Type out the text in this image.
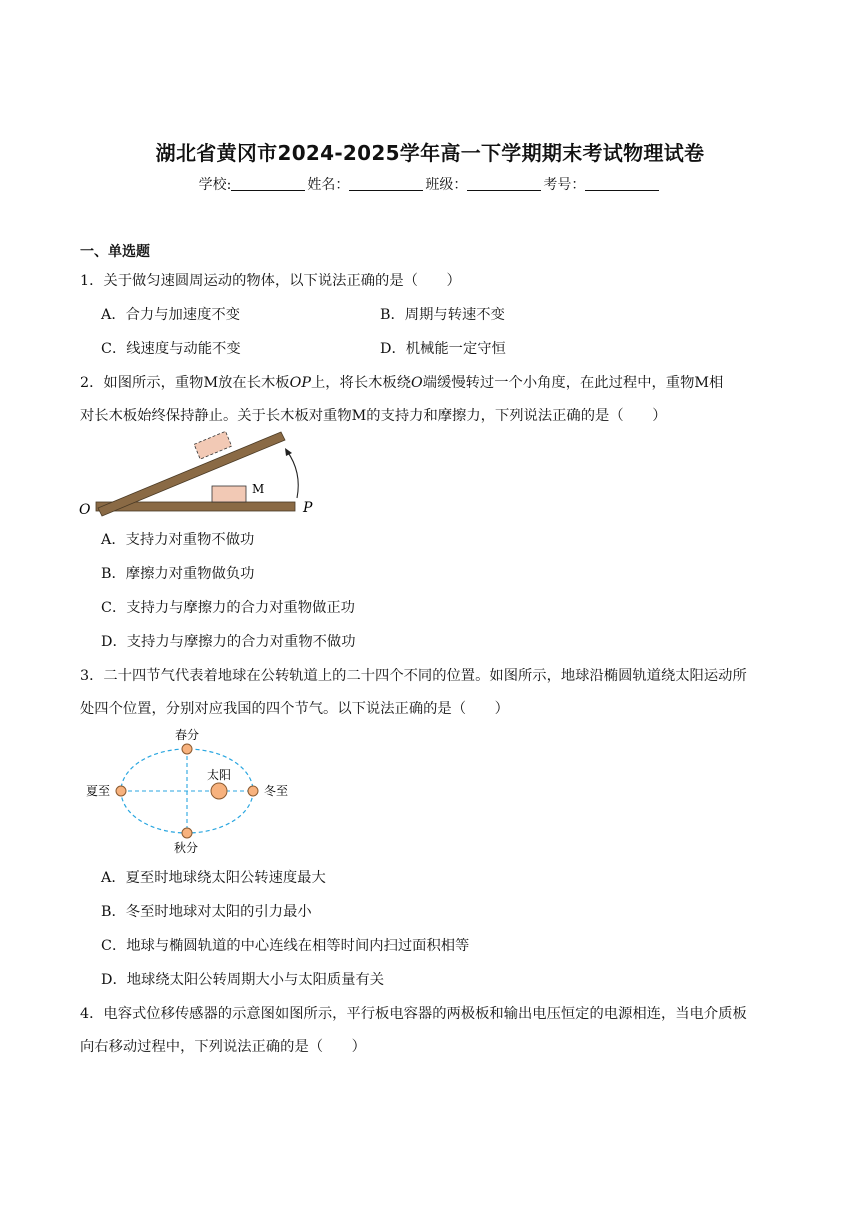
湖北省黄冈市2024-2025学年高一下学期期末考试物理试卷
学校:	姓名：	班级：	考号：
一、单选题
1．关于做匀速圆周运动的物体，以下说法正确的是（　　）
A．合力与加速度不变	B．周期与转速不变
C．线速度与动能不变	D．机械能一定守恒
2．如图所示，重物M放在长木板OP上，将长木板绕O端缓慢转过一个小角度，在此过程中，重物M相
对长木板始终保持静止。关于长木板对重物M的支持力和摩擦力，下列说法正确的是（　　）
M
O	P
A．支持力对重物不做功
B．摩擦力对重物做负功
C．支持力与摩擦力的合力对重物做正功
D．支持力与摩擦力的合力对重物不做功
3．二十四节气代表着地球在公转轨道上的二十四个不同的位置。如图所示，地球沿椭圆轨道绕太阳运动所
处四个位置，分别对应我国的四个节气。以下说法正确的是（　　）
春分
秋分
夏至	冬至
太阳
A．夏至时地球绕太阳公转速度最大
B．冬至时地球对太阳的引力最小
C．地球与椭圆轨道的中心连线在相等时间内扫过面积相等
D．地球绕太阳公转周期大小与太阳质量有关
4．电容式位移传感器的示意图如图所示，平行板电容器的两极板和输出电压恒定的电源相连，当电介质板
向右移动过程中，下列说法正确的是（　　）
